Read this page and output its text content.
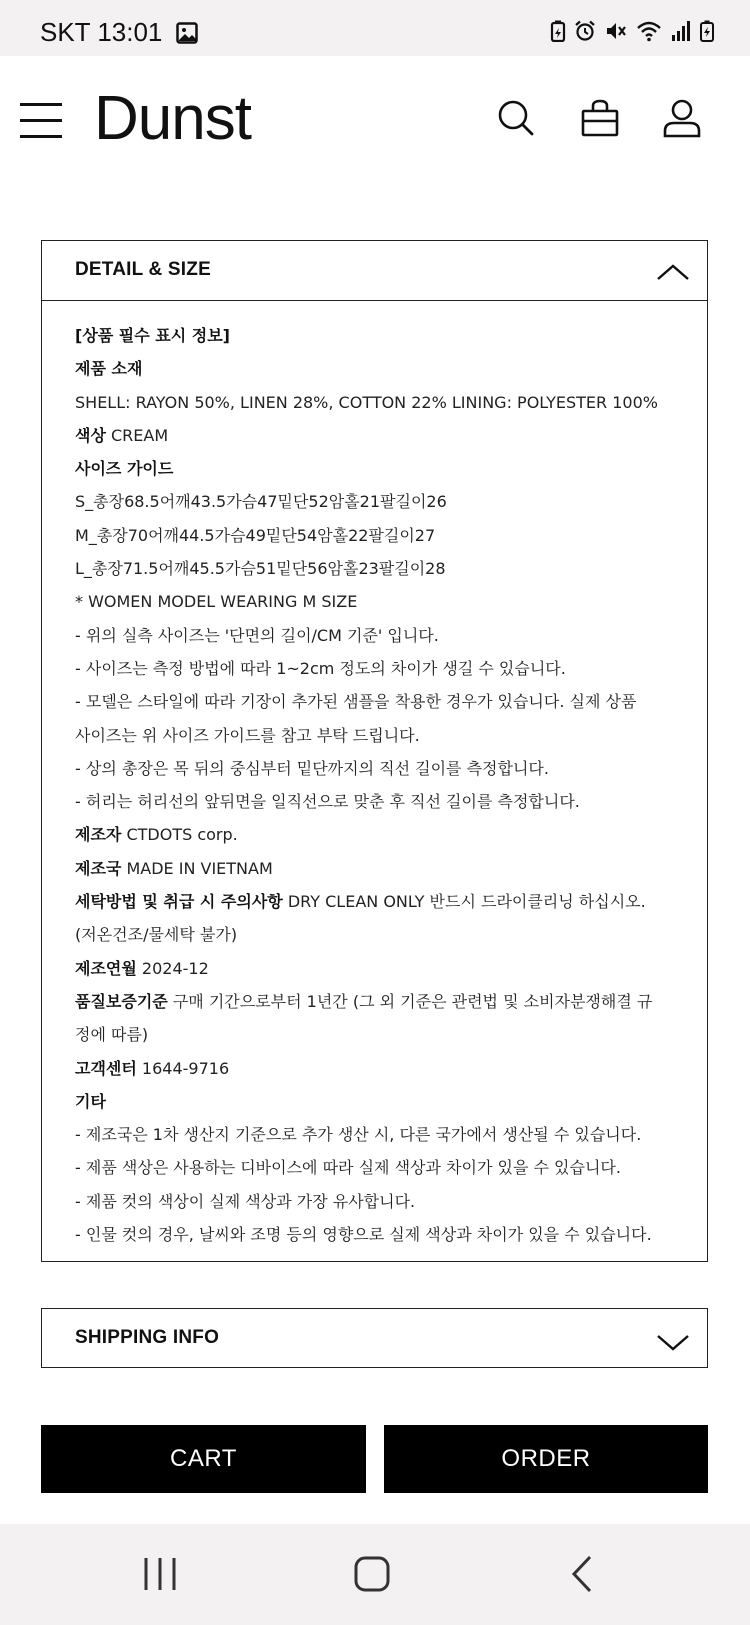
SKT 13:01
Dunst
DETAIL & SIZE
[상품 필수 표시 정보]
제품 소재
SHELL: RAYON 50%, LINEN 28%, COTTON 22% LINING: POLYESTER 100%
색상 CREAM
사이즈 가이드
S_총장68.5어깨43.5가슴47밑단52암홀21팔길이26
M_총장70어깨44.5가슴49밑단54암홀22팔길이27
L_총장71.5어깨45.5가슴51밑단56암홀23팔길이28
* WOMEN MODEL WEARING M SIZE
- 위의 실측 사이즈는 '단면의 길이/CM 기준' 입니다.
- 사이즈는 측정 방법에 따라 1~2cm 정도의 차이가 생길 수 있습니다.
- 모델은 스타일에 따라 기장이 추가된 샘플을 착용한 경우가 있습니다. 실제 상품
사이즈는 위 사이즈 가이드를 참고 부탁 드립니다.
- 상의 총장은 목 뒤의 중심부터 밑단까지의 직선 길이를 측정합니다.
- 허리는 허리선의 앞뒤면을 일직선으로 맞춘 후 직선 길이를 측정합니다.
제조자 CTDOTS corp.
제조국 MADE IN VIETNAM
세탁방법 및 취급 시 주의사항 DRY CLEAN ONLY 반드시 드라이클리닝 하십시오.
(저온건조/물세탁 불가)
제조연월 2024-12
품질보증기준 구매 기간으로부터 1년간 (그 외 기준은 관련법 및 소비자분쟁해결 규
정에 따름)
고객센터 1644-9716
기타
- 제조국은 1차 생산지 기준으로 추가 생산 시, 다른 국가에서 생산될 수 있습니다.
- 제품 색상은 사용하는 디바이스에 따라 실제 색상과 차이가 있을 수 있습니다.
- 제품 컷의 색상이 실제 색상과 가장 유사합니다.
- 인물 컷의 경우, 날씨와 조명 등의 영향으로 실제 색상과 차이가 있을 수 있습니다.
SHIPPING INFO
CART	ORDER
